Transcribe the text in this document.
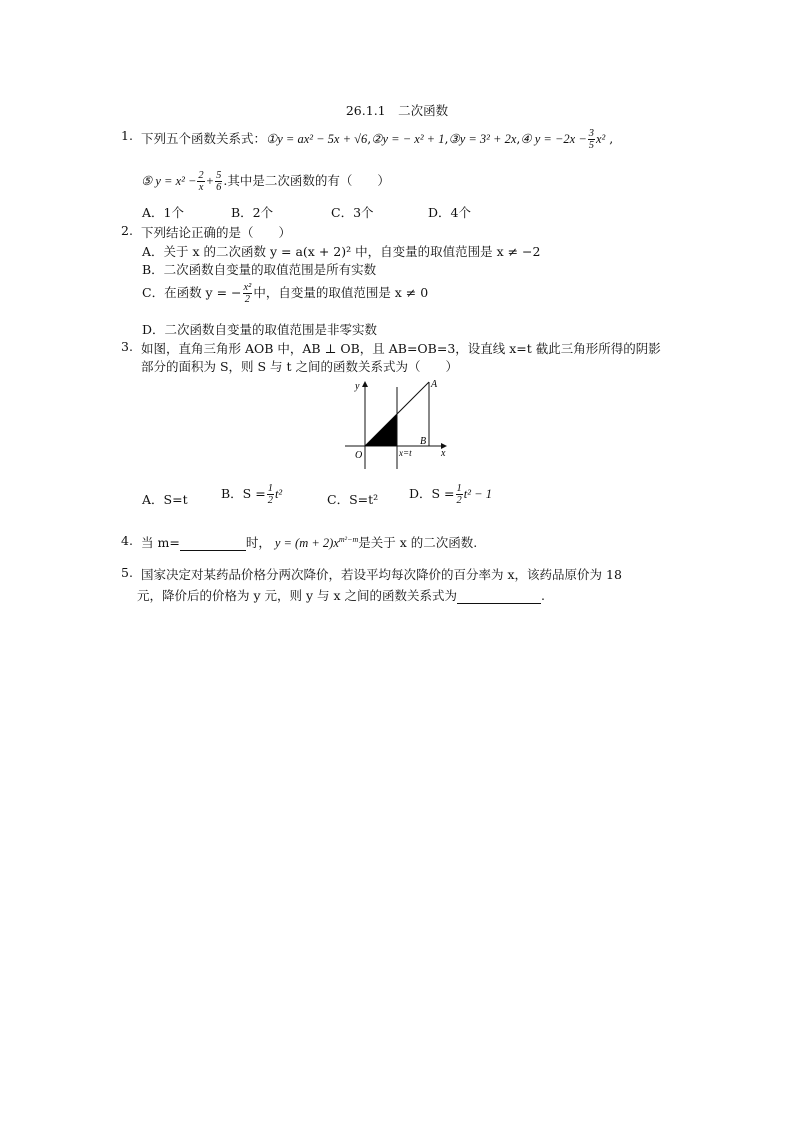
26.1.1　二次函数
1. 下列五个函数关系式：①y = ax² − 5x + √6,②y = − x² + 1,③y = 3² + 2x,④ $y = -2x - \frac{3}{5} x^2$ ,
⑤ $y = x^2 - \frac{2}{x} + \frac{5}{6}$ .其中是二次函数的有（　　）
A．1个	B．2个	C．3个	D．4个
2. 下列结论正确的是（　　）
A．关于 x 的二次函数 y = a(x + 2)² 中，自变量的取值范围是 x ≠ −2
B．二次函数自变量的取值范围是所有实数
C．在函数 y = − $\frac{\text{x²}}{2}$ 中，自变量的取值范围是 x ≠ 0
D．二次函数自变量的取值范围是非零实数
3. 如图，直角三角形 AOB 中，AB ⊥ OB，且 AB=OB=3，设直线 x=t 截此三角形所得的阴影
部分的面积为 S，则 S 与 t 之间的函数关系式为（　　）
y
x
A
B
O	x=t
A．S=t	B．$S = \frac{1}{2} t^2$	C．S=t² D．$S = \frac{1}{2} t^2 - 1$
4. 当 m=	时， $y = (m + 2)x^{m^2-m}$是关于 x 的二次函数.
5. 国家决定对某药品价格分两次降价，若设平均每次降价的百分率为 x，该药品原价为 18
元，降价后的价格为 y 元，则 y 与 x 之间的函数关系式为	.
